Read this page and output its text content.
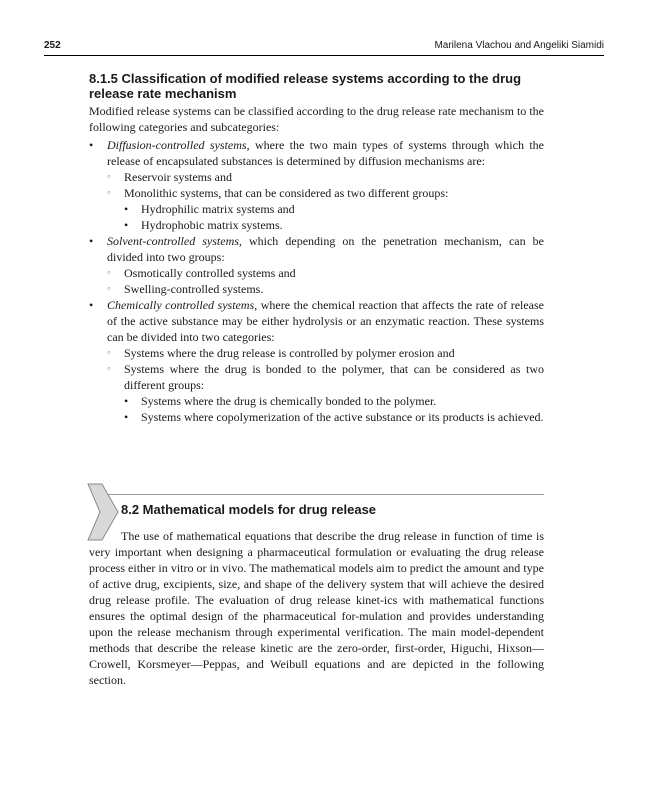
252	Marilena Vlachou and Angeliki Siamidi
8.1.5 Classification of modified release systems according to the drug release rate mechanism

Modified release systems can be classified according to the drug release rate mechanism to the following categories and subcategories:

• Diffusion-controlled systems, where the two main types of systems through which the release of encapsulated substances is determined by diffusion mechanisms are:
◦ Reservoir systems and
◦ Monolithic systems, that can be considered as two different groups:
• Hydrophilic matrix systems and
• Hydrophobic matrix systems.
• Solvent-controlled systems, which depending on the penetration mechanism, can be divided into two groups:
◦ Osmotically controlled systems and
◦ Swelling-controlled systems.
• Chemically controlled systems, where the chemical reaction that affects the rate of release of the active substance may be either hydrolysis or an enzymatic reaction. These systems can be divided into two categories:
◦ Systems where the drug release is controlled by polymer erosion and
◦ Systems where the drug is bonded to the polymer, that can be considered as two different groups:
• Systems where the drug is chemically bonded to the polymer.
• Systems where copolymerization of the active substance or its products is achieved.
8.2 Mathematical models for drug release

The use of mathematical equations that describe the drug release in function of time is very important when designing a pharmaceutical formulation or evaluating the drug release process either in vitro or in vivo. The mathematical models aim to predict the amount and type of active drug, excipients, size, and shape of the delivery system that will achieve the desired drug release profile. The evaluation of drug release kinet-ics with mathematical functions ensures the optimal design of the pharmaceutical for-mulation and provides understanding upon the release mechanism through experimental verification. The main model-dependent methods that describe the release kinetic are the zero-order, first-order, Higuchi, Hixson—Crowell, Korsmeyer—Peppas, and Weibull equations and are depicted in the following section.
